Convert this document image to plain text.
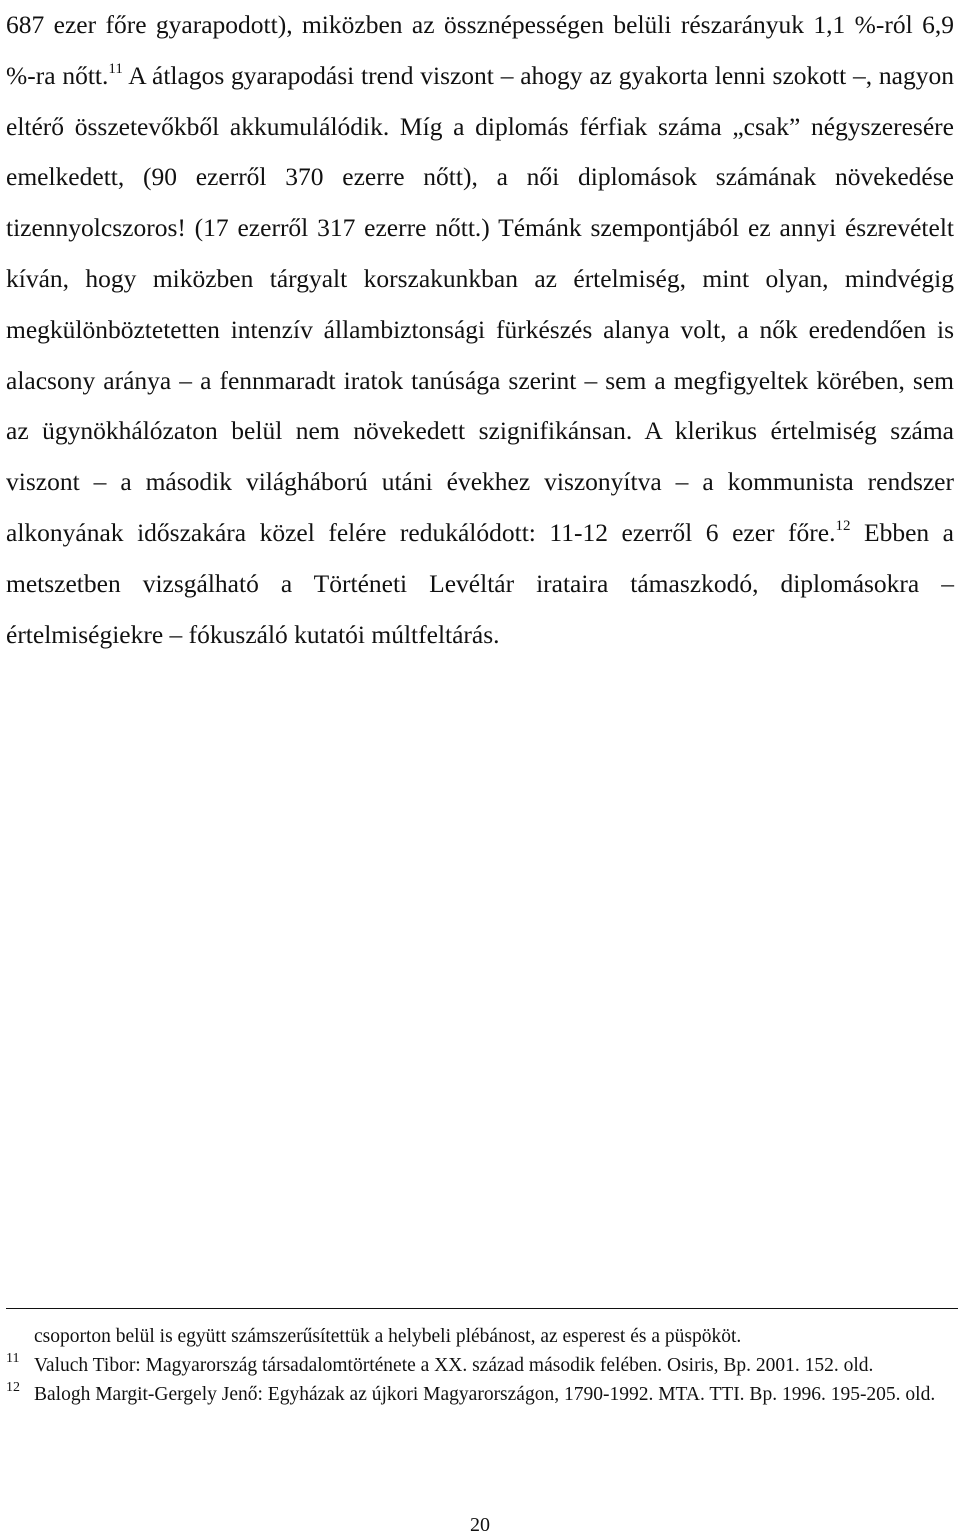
687 ezer főre gyarapodott), miközben az össznépességen belüli részarányuk 1,1 %-ról 6,9 %-ra nőtt.$^{11}$ A átlagos gyarapodási trend viszont – ahogy az gyakorta lenni szokott –, nagyon eltérő összetevőkből akkumulálódik. Míg a diplomás férfiak száma „csak” négyszeresére emelkedett, (90 ezerről 370 ezerre nőtt), a női diplomások számának növekedése tizennyolcszoros! (17 ezerről 317 ezerre nőtt.) Témánk szempontjából ez annyi észrevételt kíván, hogy miközben tárgyalt korszakunkban az értelmiség, mint olyan, mindvégig megkülönböztetetten intenzív állambiztonsági fürkészés alanya volt, a nők eredendően is alacsony aránya – a fennmaradt iratok tanúsága szerint – sem a megfigyeltek körében, sem az ügynökhálózaton belül nem növekedett szignifikánsan. A klerikus értelmiség száma viszont – a második világháború utáni évekhez viszonyítva – a kommunista rendszer alkonyának időszakára közel felére redukálódott: 11-12 ezerről 6 ezer főre.$^{12}$ Ebben a metszetben vizsgálható a Történeti Levéltár irataira támaszkodó, diplomásokra – értelmiségiekre – fókuszáló kutatói múltfeltárás.

csoporton belül is együtt számszerűsítettük a helybeli plébánost, az esperest és a püspököt.

11 Valuch Tibor: Magyarország társadalomtörténete a XX. század második felében. Osiris, Bp. 2001. 152. old.

12 Balogh Margit-Gergely Jenő: Egyházak az újkori Magyarországon, 1790-1992. MTA. TTI. Bp. 1996. 195-205. old.

20
